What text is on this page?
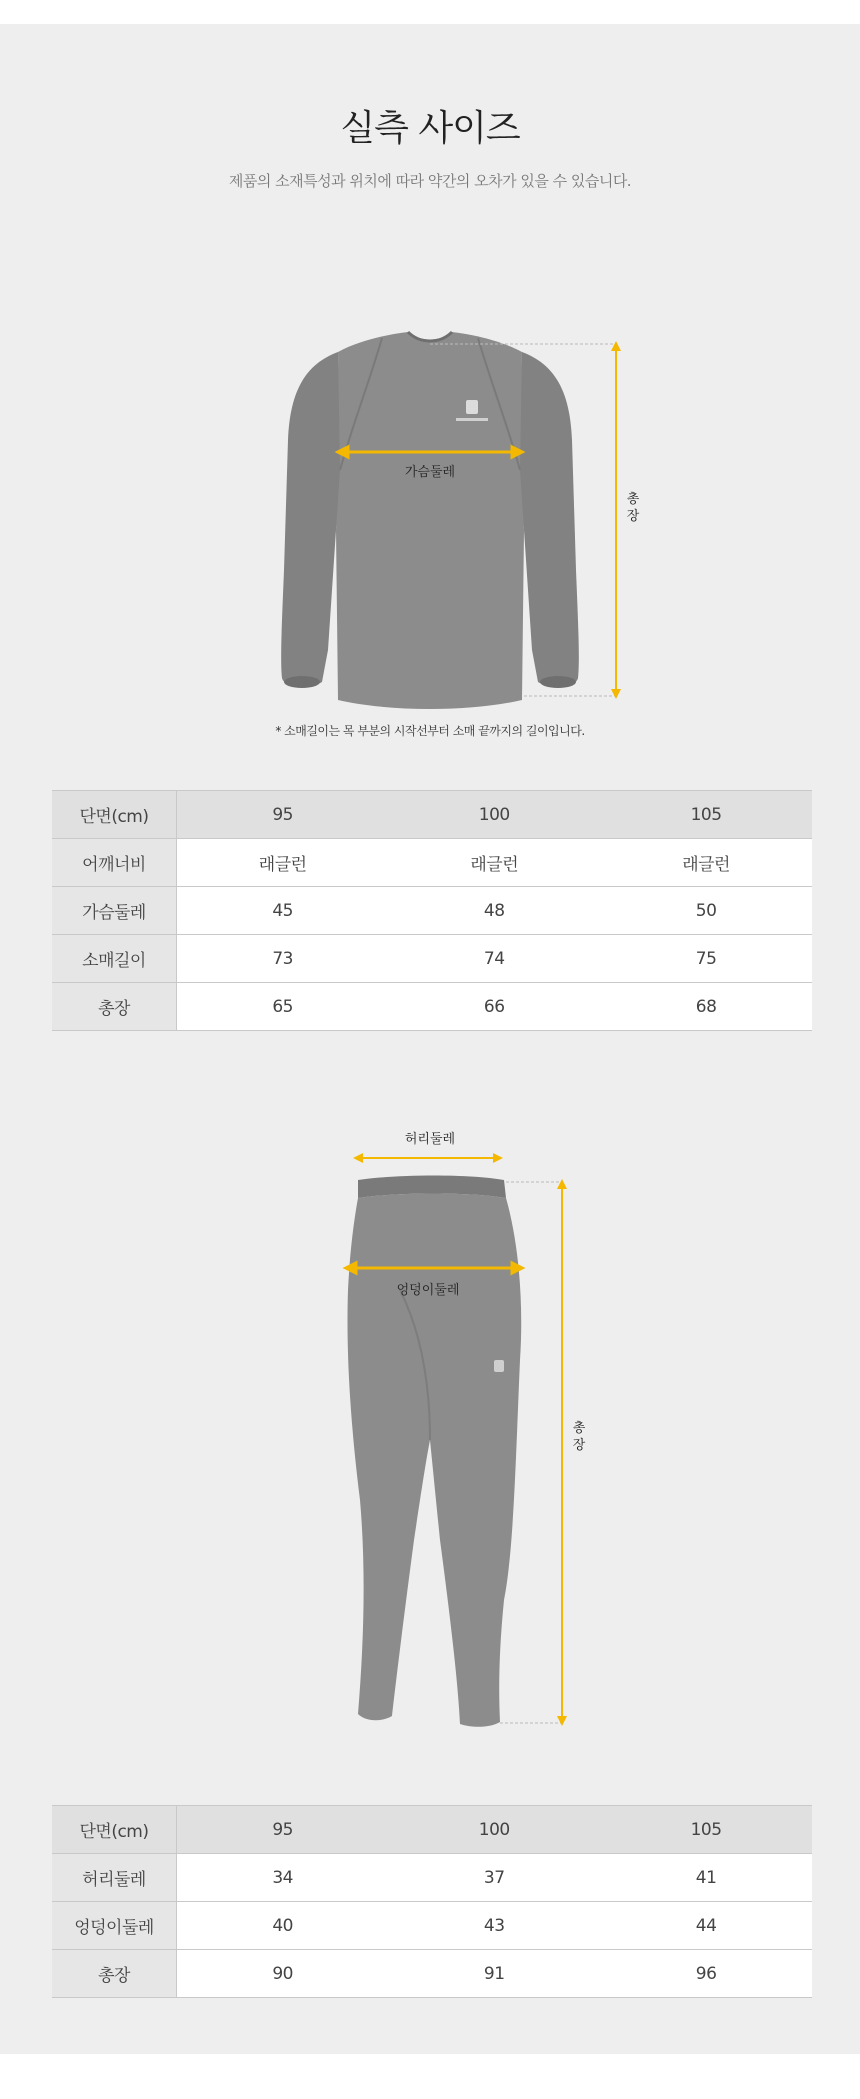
실측 사이즈
제품의 소재특성과 위치에 따라 약간의 오차가 있을 수 있습니다.
가슴둘레
총
장
* 소매길이는 목 부분의 시작선부터 소매 끝까지의 길이입니다.
단면(cm)	95	100	105
어깨너비	래글런	래글런	래글런
가슴둘레	45	48	50
소매길이	73	74	75
총장	65	66	68
허리둘레
엉덩이둘레
총
장
단면(cm)	95	100	105
허리둘레	34	37	41
엉덩이둘레	40	43	44
총장	90	91	96
